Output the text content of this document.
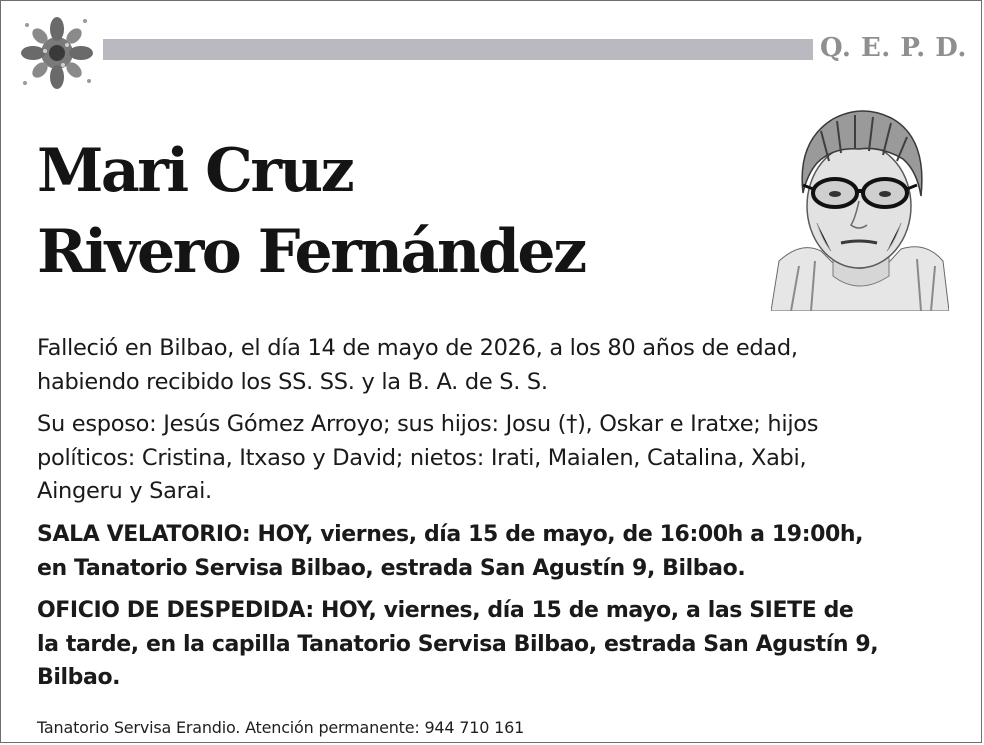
Q. E. P. D.
Mari Cruz
Rivero Fernández

Falleció en Bilbao, el día 14 de mayo de 2026, a los 80 años de edad,
habiendo recibido los SS. SS. y la B. A. de S. S.

Su esposo: Jesús Gómez Arroyo; sus hijos: Josu (†), Oskar e Iratxe; hijos
políticos: Cristina, Itxaso y David; nietos: Irati, Maialen, Catalina, Xabi,
Aingeru y Sarai.

SALA VELATORIO: HOY, viernes, día 15 de mayo, de 16:00h a 19:00h,
en Tanatorio Servisa Bilbao, estrada San Agustín 9, Bilbao.

OFICIO DE DESPEDIDA: HOY, viernes, día 15 de mayo, a las SIETE de
la tarde, en la capilla Tanatorio Servisa Bilbao, estrada San Agustín 9,
Bilbao.

Tanatorio Servisa Erandio. Atención permanente: 944 710 161
